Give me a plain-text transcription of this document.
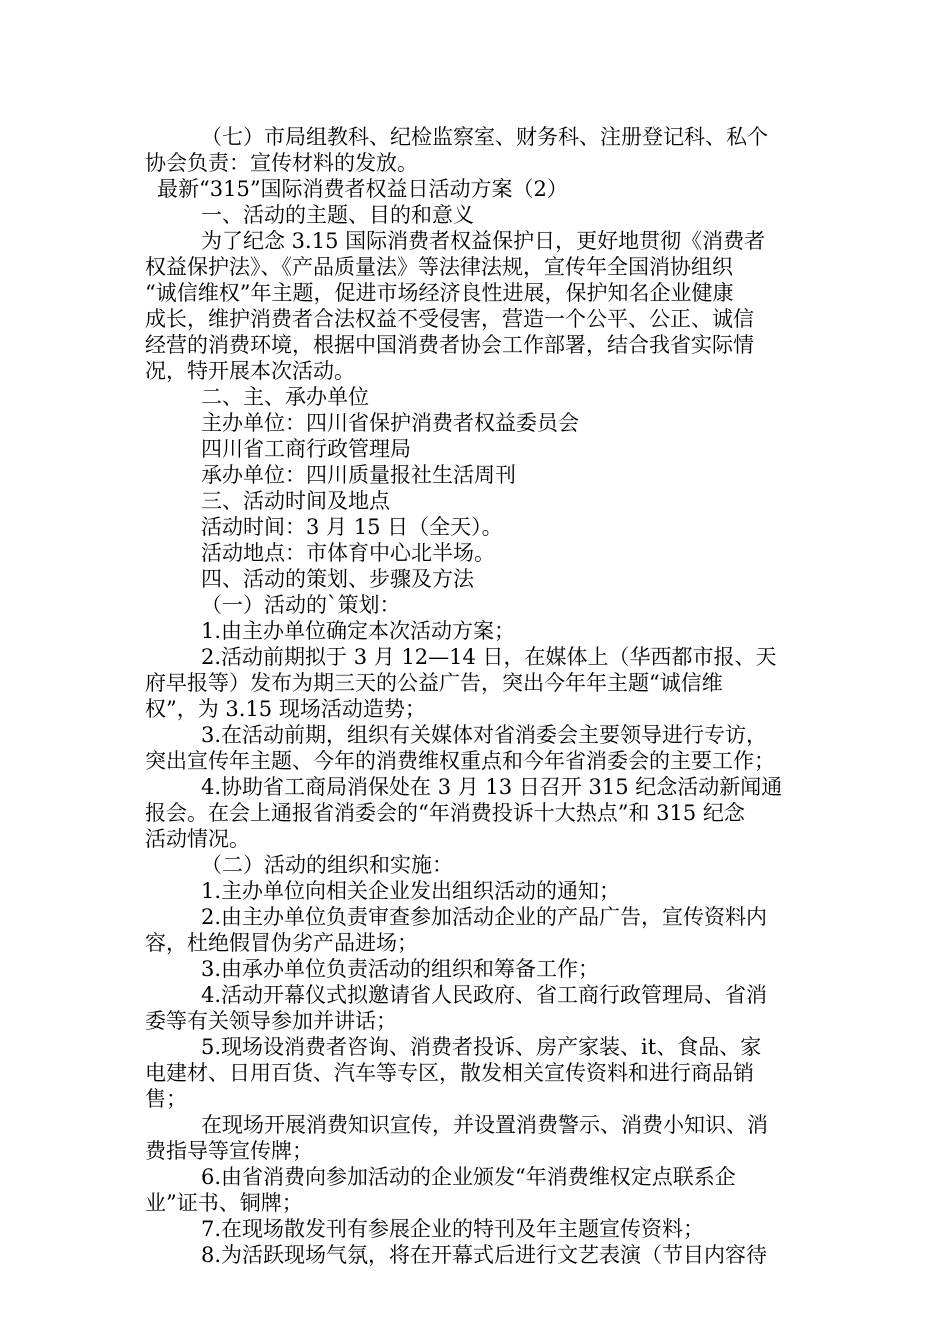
（七）市局组教科、纪检监察室、财务科、注册登记科、私个
协会负责：宣传材料的发放。
最新“315”国际消费者权益日活动方案（2）
一、活动的主题、目的和意义
为了纪念 3.15 国际消费者权益保护日，更好地贯彻《消费者
权益保护法》、《产品质量法》等法律法规，宣传年全国消协组织
“诚信维权”年主题，促进市场经济良性进展，保护知名企业健康
成长，维护消费者合法权益不受侵害，营造一个公平、公正、诚信
经营的消费环境，根据中国消费者协会工作部署，结合我省实际情
况，特开展本次活动。
二、主、承办单位
主办单位：四川省保护消费者权益委员会
四川省工商行政管理局
承办单位：四川质量报社生活周刊
三、活动时间及地点
活动时间：3 月 15 日（全天）。
活动地点：市体育中心北半场。
四、活动的策划、步骤及方法
（一）活动的`策划：
1.由主办单位确定本次活动方案；
2.活动前期拟于 3 月 12—14 日，在媒体上（华西都市报、天
府早报等）发布为期三天的公益广告，突出今年年主题“诚信维
权”，为 3.15 现场活动造势；
3.在活动前期，组织有关媒体对省消委会主要领导进行专访，
突出宣传年主题、今年的消费维权重点和今年省消委会的主要工作；
4.协助省工商局消保处在 3 月 13 日召开 315 纪念活动新闻通
报会。在会上通报省消委会的“年消费投诉十大热点”和 315 纪念
活动情况。
（二）活动的组织和实施：
1.主办单位向相关企业发出组织活动的通知；
2.由主办单位负责审查参加活动企业的产品广告，宣传资料内
容，杜绝假冒伪劣产品进场；
3.由承办单位负责活动的组织和筹备工作；
4.活动开幕仪式拟邀请省人民政府、省工商行政管理局、省消
委等有关领导参加并讲话；
5.现场设消费者咨询、消费者投诉、房产家装、it、食品、家
电建材、日用百货、汽车等专区，散发相关宣传资料和进行商品销
售；
在现场开展消费知识宣传，并设置消费警示、消费小知识、消
费指导等宣传牌；
6.由省消费向参加活动的企业颁发“年消费维权定点联系企
业”证书、铜牌；
7.在现场散发刊有参展企业的特刊及年主题宣传资料；
8.为活跃现场气氛，将在开幕式后进行文艺表演（节目内容待
